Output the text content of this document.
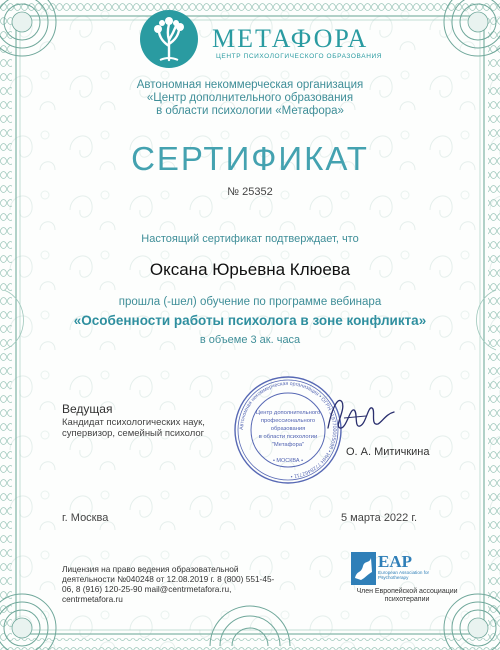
МЕТАФОРА
ЦЕНТР ПСИХОЛОГИЧЕСКОГО ОБРАЗОВАНИЯ
Автономная некоммерческая организация
«Центр дополнительного образования
в области психологии «Метафора»
СЕРТИФИКАТ
№ 25352
Настоящий сертификат подтверждает, что
Оксана Юрьевна Клюева
прошла (-шел) обучение по программе вебинара
«Особенности работы психолога в зоне конфликта»
в объеме 3 ак. часа
Ведущая
Кандидат психологических наук, супервизор, семейный психолог	Автономная некоммерческая организация • ОГРН 1197700005098 • ИНН 7728462711 •
Центр дополнительного
профессионального
образования
в области психологии
"Метафора"
• МОСКВА •
О. А. Митичкина
г. Москва	5 марта 2022 г.
Лицензия на право ведения образовательной деятельности №040248 от 12.08.2019 г. 8 (800) 551-45-06, 8 (916) 120-25-90 mail@centrmetafora.ru, centrmetafora.ru
EAP
European Association for Psychotherapy
Член Европейской ассоциации психотерапии
